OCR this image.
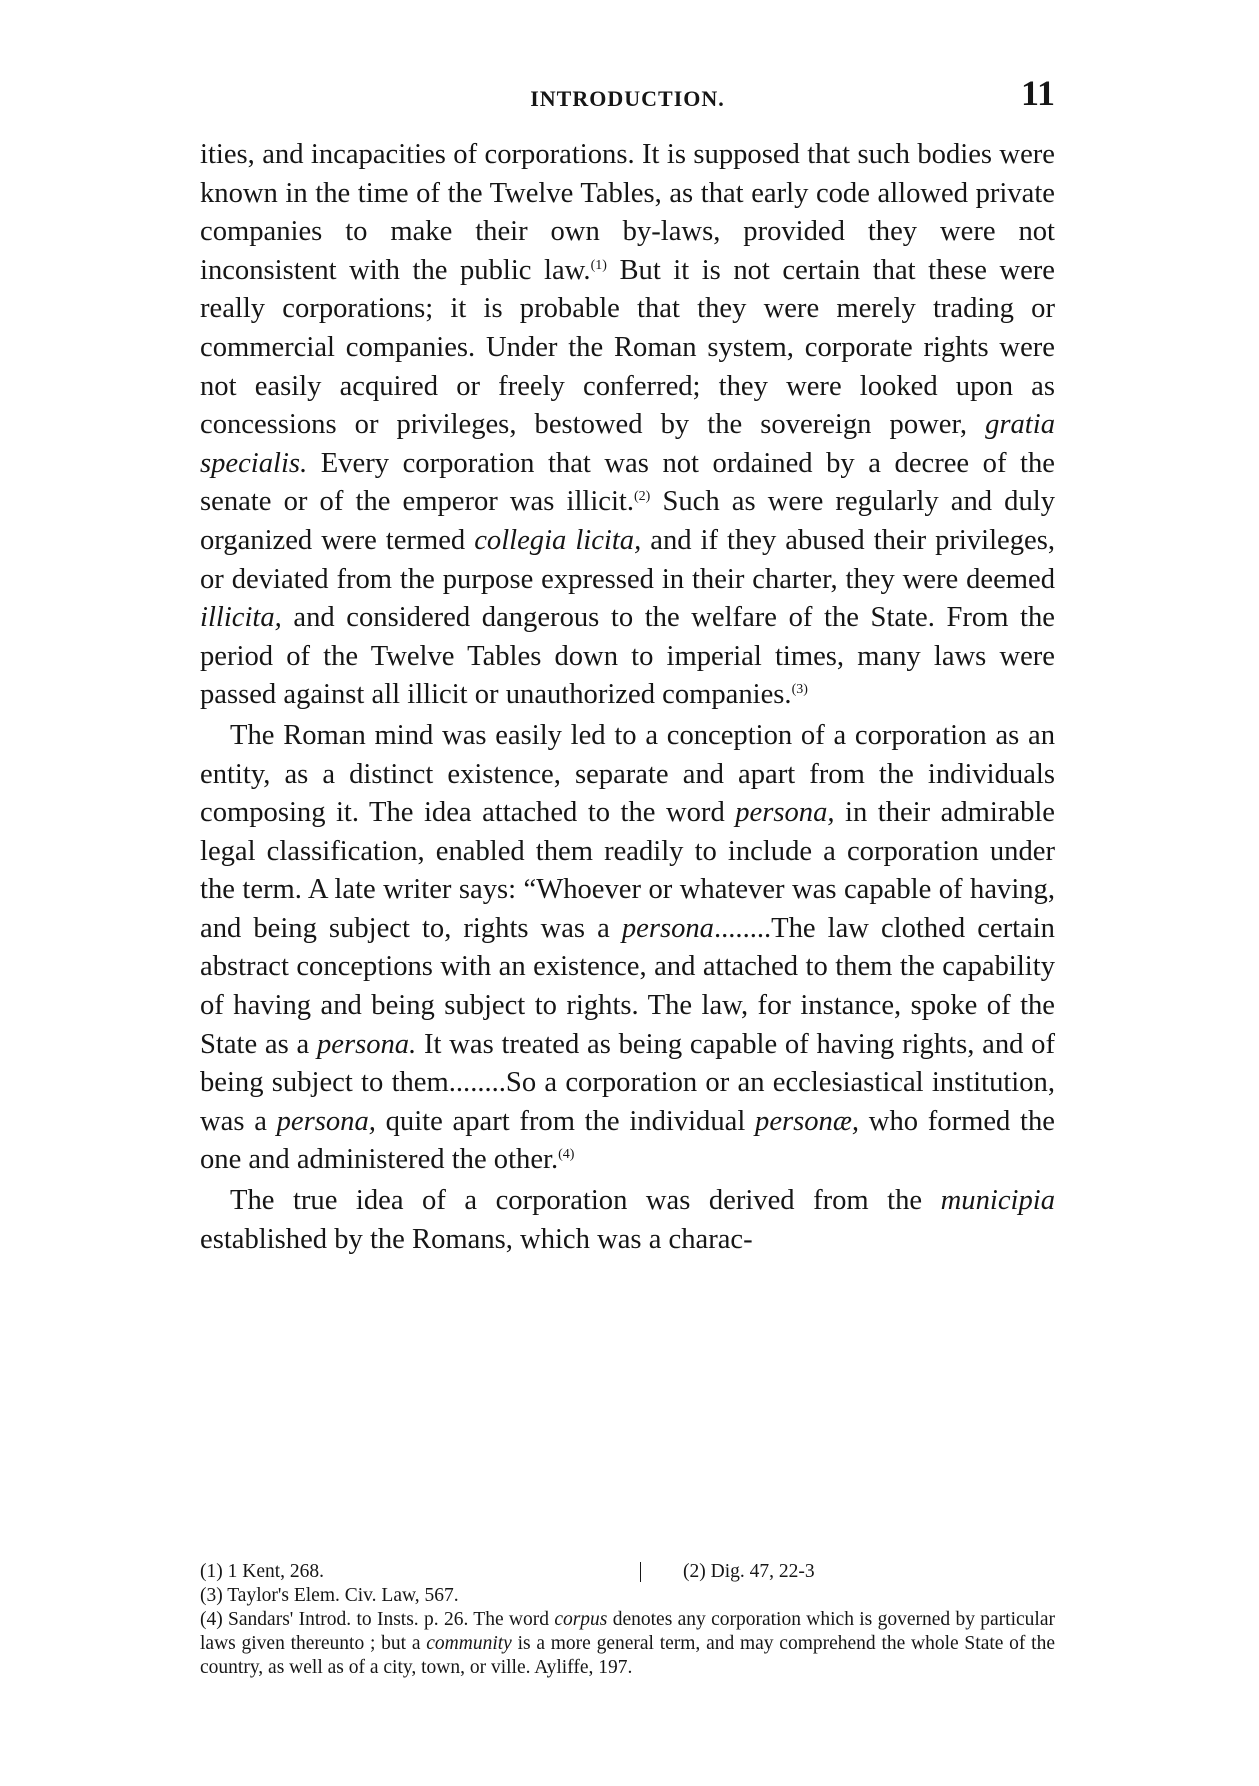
INTRODUCTION.	11

ities, and incapacities of corporations. It is supposed that such bodies were known in the time of the Twelve Tables, as that early code allowed private companies to make their own by-laws, provided they were not inconsistent with the public law.$^{(1)}$ But it is not certain that these were really corporations; it is probable that they were merely trading or commercial companies. Under the Roman system, corporate rights were not easily acquired or freely conferred; they were looked upon as concessions or privileges, bestowed by the sovereign power, gratia specialis. Every corporation that was not ordained by a decree of the senate or of the emperor was illicit.$^{(2)}$ Such as were regularly and duly organized were termed collegia licita, and if they abused their privileges, or deviated from the purpose expressed in their charter, they were deemed illicita, and considered dangerous to the welfare of the State. From the period of the Twelve Tables down to imperial times, many laws were passed against all illicit or unauthorized companies.$^{(3)}$

The Roman mind was easily led to a conception of a corporation as an entity, as a distinct existence, separate and apart from the individuals composing it. The idea attached to the word persona, in their admirable legal classification, enabled them readily to include a corporation under the term. A late writer says: “Whoever or whatever was capable of having, and being subject to, rights was a persona........The law clothed certain abstract conceptions with an existence, and attached to them the capability of having and being subject to rights. The law, for instance, spoke of the State as a persona. It was treated as being capable of having rights, and of being subject to them........So a corporation or an ecclesiastical institution, was a persona, quite apart from the individual personæ, who formed the one and administered the other.$^{(4)}$

The true idea of a corporation was derived from the municipia established by the Romans, which was a charac-

(1) 1 Kent, 268.	(2) Dig. 47, 22-3

(3) Taylor's Elem. Civ. Law, 567.

(4) Sandars' Introd. to Insts. p. 26. The word corpus denotes any corporation which is governed by particular laws given thereunto ; but a community is a more general term, and may comprehend the whole State of the country, as well as of a city, town, or ville. Ayliffe, 197.
